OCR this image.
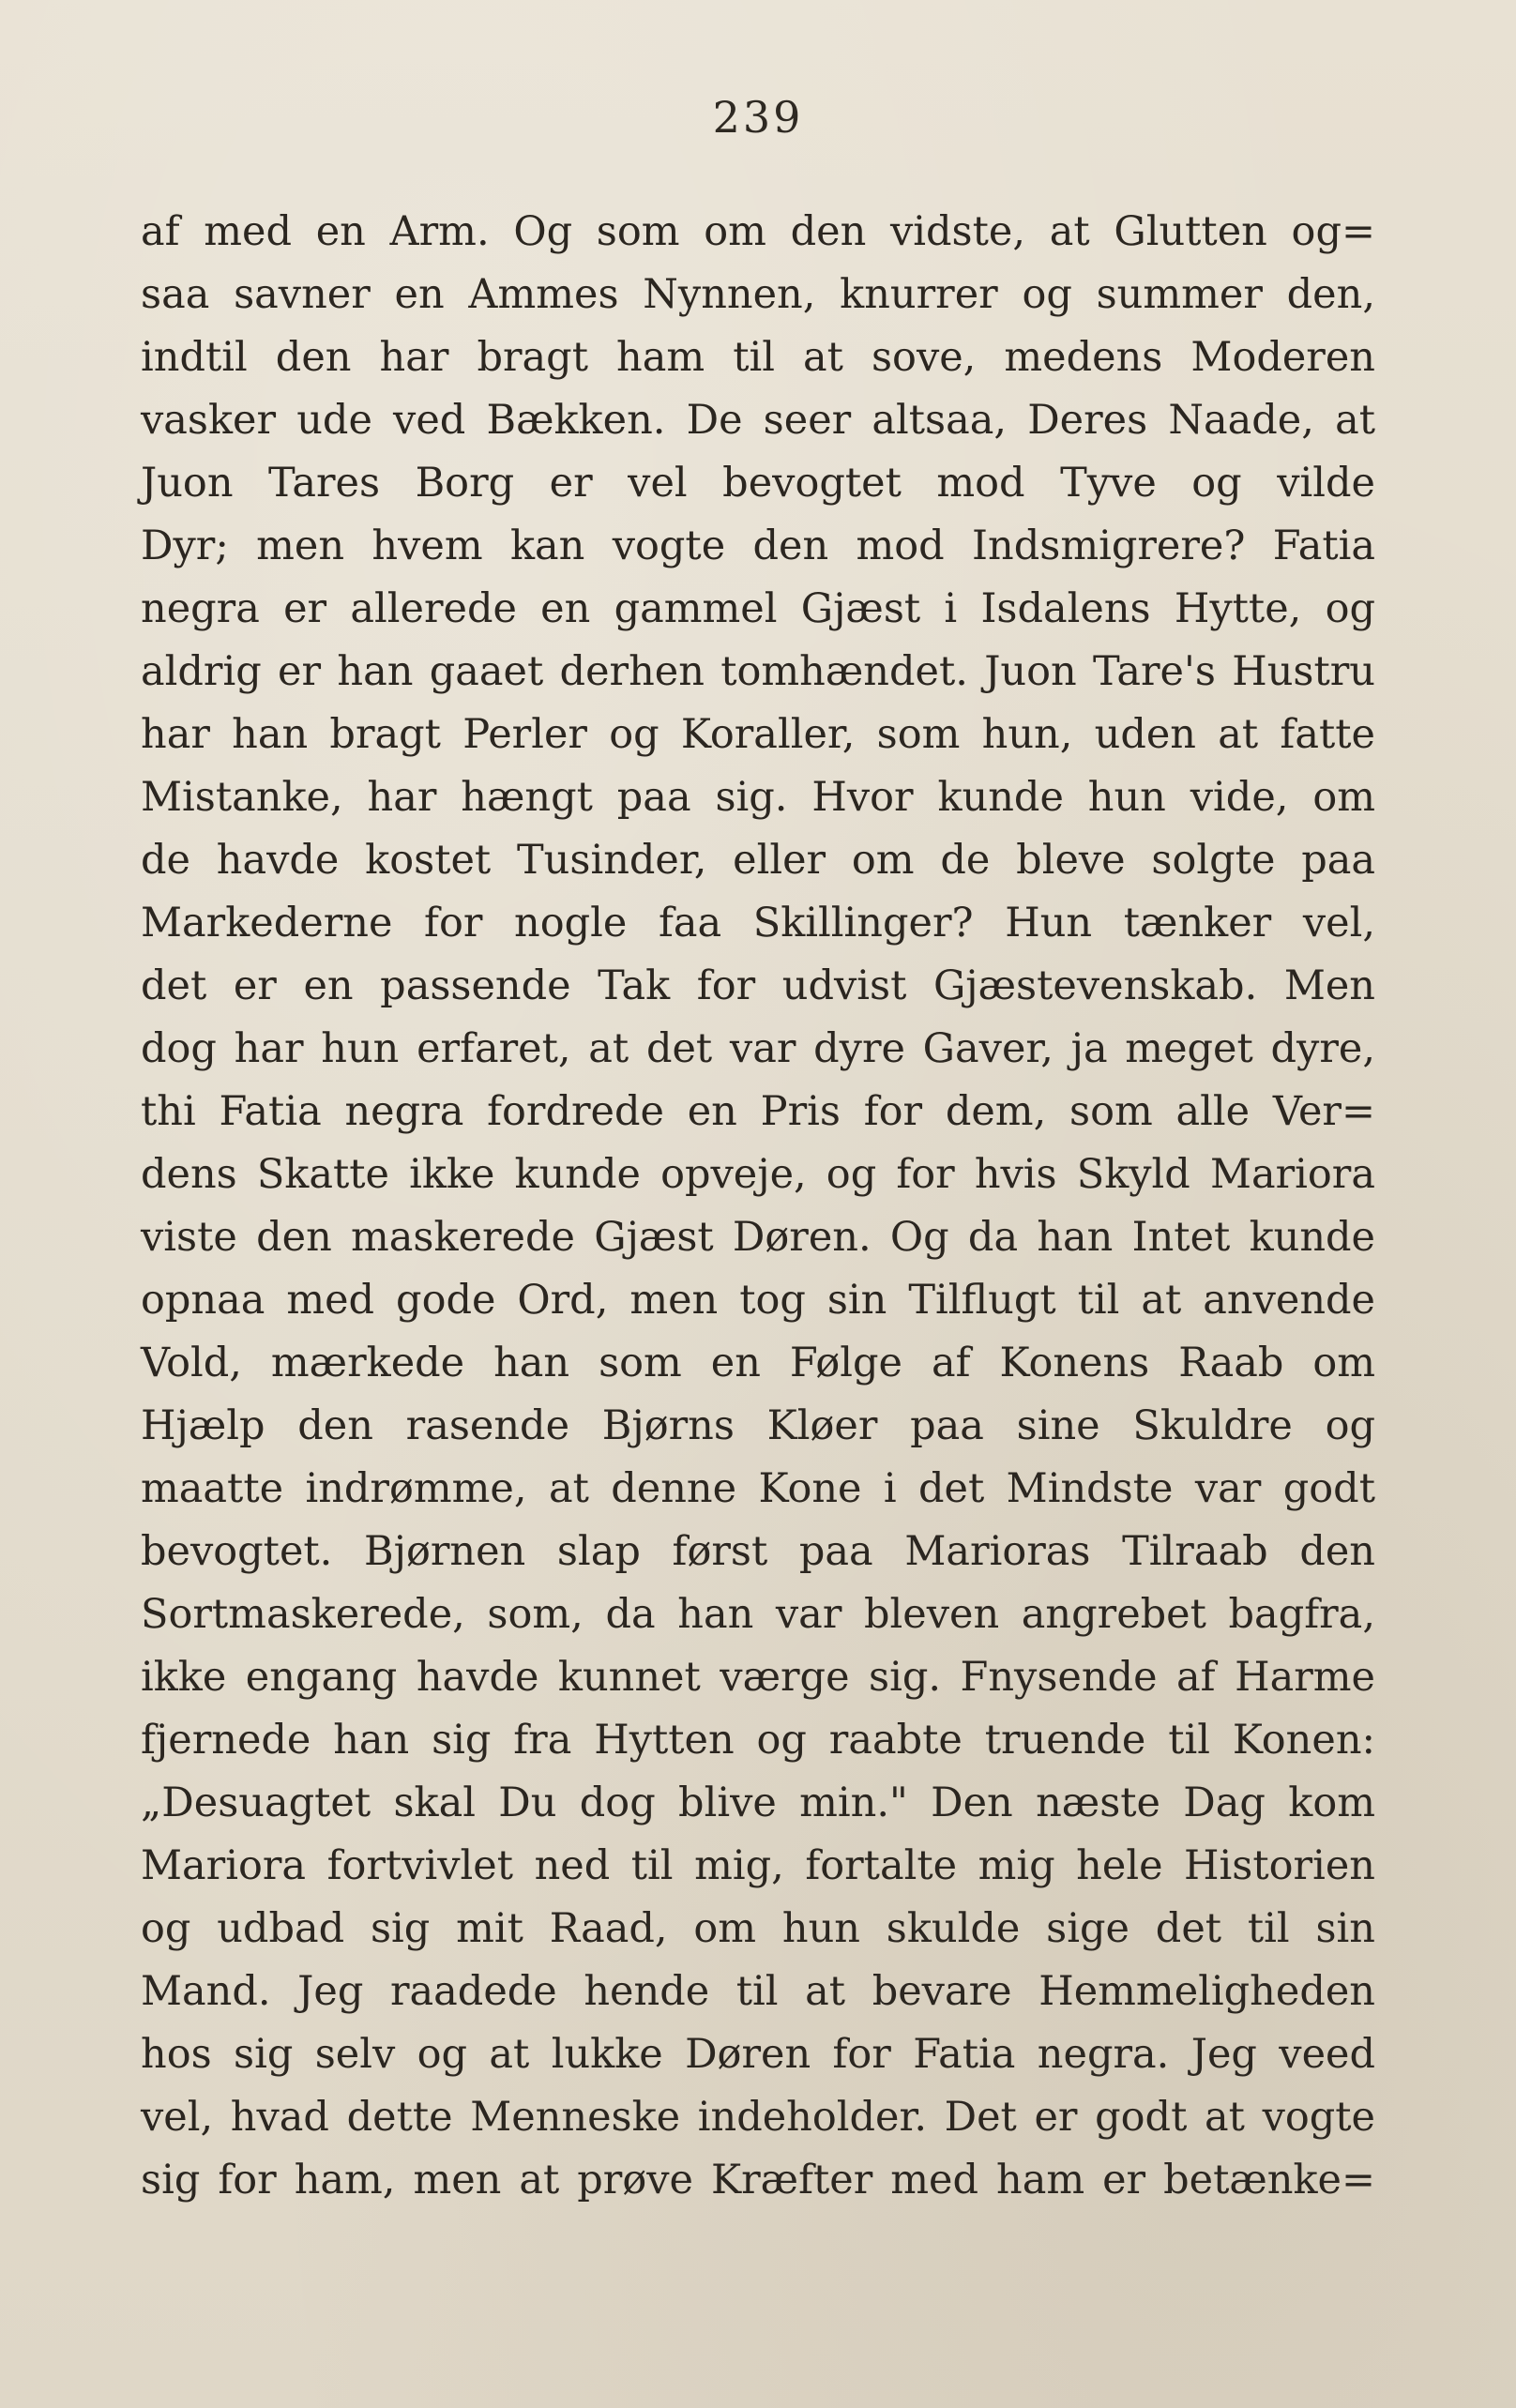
239
af med en Arm. Og som om den vidste, at Glutten og=
saa savner en Ammes Nynnen, knurrer og summer den,
indtil den har bragt ham til at sove, medens Moderen
vasker ude ved Bækken. De seer altsaa, Deres Naade, at
Juon Tares Borg er vel bevogtet mod Tyve og vilde
Dyr; men hvem kan vogte den mod Indsmigrere? Fatia
negra er allerede en gammel Gjæst i Isdalens Hytte, og
aldrig er han gaaet derhen tomhændet. Juon Tare's Hustru
har han bragt Perler og Koraller, som hun, uden at fatte
Mistanke, har hængt paa sig. Hvor kunde hun vide, om
de havde kostet Tusinder, eller om de bleve solgte paa
Markederne for nogle faa Skillinger? Hun tænker vel,
det er en passende Tak for udvist Gjæstevenskab. Men
dog har hun erfaret, at det var dyre Gaver, ja meget dyre,
thi Fatia negra fordrede en Pris for dem, som alle Ver=
dens Skatte ikke kunde opveje, og for hvis Skyld Mariora
viste den maskerede Gjæst Døren. Og da han Intet kunde
opnaa med gode Ord, men tog sin Tilflugt til at anvende
Vold, mærkede han som en Følge af Konens Raab om
Hjælp den rasende Bjørns Kløer paa sine Skuldre og
maatte indrømme, at denne Kone i det Mindste var godt
bevogtet. Bjørnen slap først paa Marioras Tilraab den
Sortmaskerede, som, da han var bleven angrebet bagfra,
ikke engang havde kunnet værge sig. Fnysende af Harme
fjernede han sig fra Hytten og raabte truende til Konen:
„Desuagtet skal Du dog blive min." Den næste Dag kom
Mariora fortvivlet ned til mig, fortalte mig hele Historien
og udbad sig mit Raad, om hun skulde sige det til sin
Mand. Jeg raadede hende til at bevare Hemmeligheden
hos sig selv og at lukke Døren for Fatia negra. Jeg veed
vel, hvad dette Menneske indeholder. Det er godt at vogte
sig for ham, men at prøve Kræfter med ham er betænke=
